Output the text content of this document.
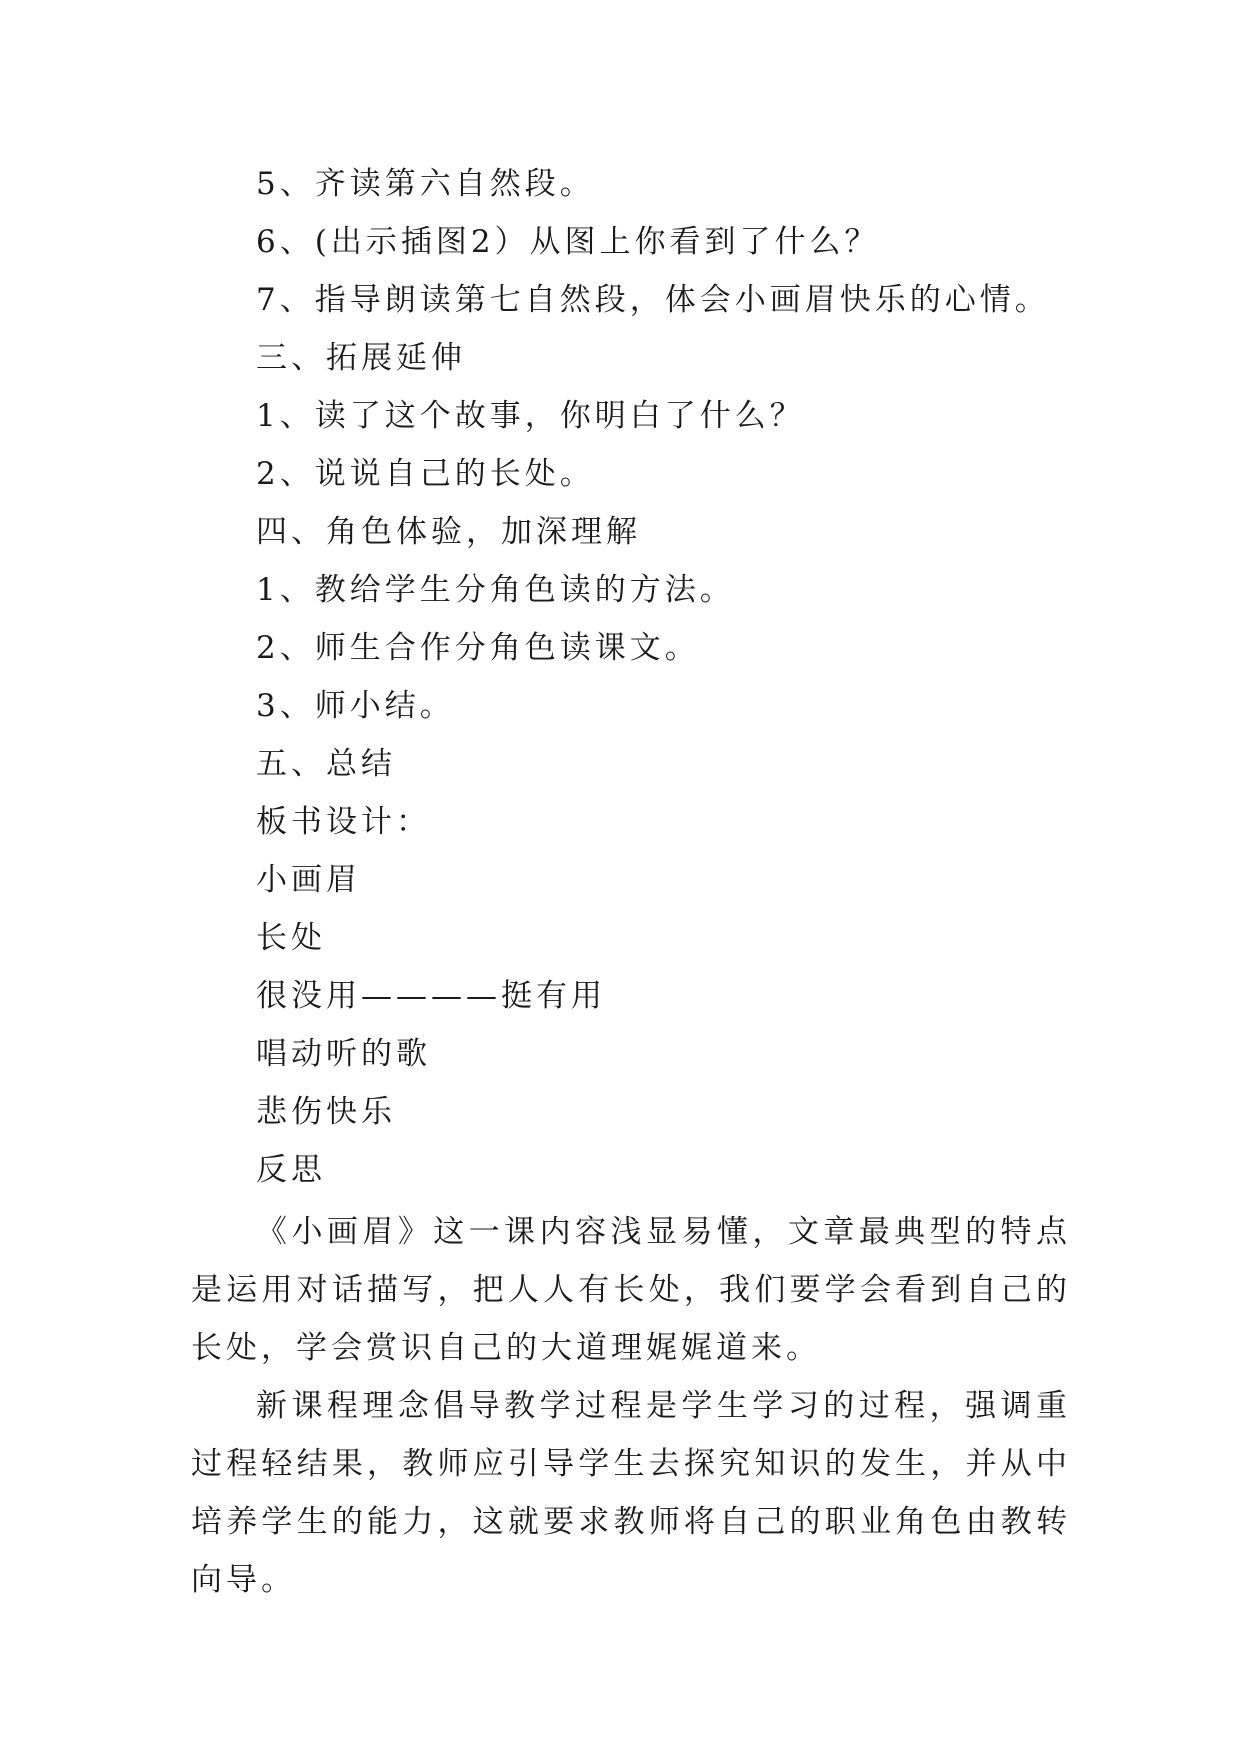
5、齐读第六自然段。
6、(出示插图2）从图上你看到了什么？
7、指导朗读第七自然段，体会小画眉快乐的心情。
三、拓展延伸
1、读了这个故事，你明白了什么？
2、说说自己的长处。
四、角色体验，加深理解
1、教给学生分角色读的方法。
2、师生合作分角色读课文。
3、师小结。
五、总结
板书设计：
小画眉
长处
很没用————挺有用
唱动听的歌
悲伤快乐
反思
《小画眉》这一课内容浅显易懂，文章最典型的特点是运用对话描写，把人人有长处，我们要学会看到自己的长处，学会赏识自己的大道理娓娓道来。
新课程理念倡导教学过程是学生学习的过程，强调重过程轻结果，教师应引导学生去探究知识的发生，并从中培养学生的能力，这就要求教师将自己的职业角色由教转向导。
